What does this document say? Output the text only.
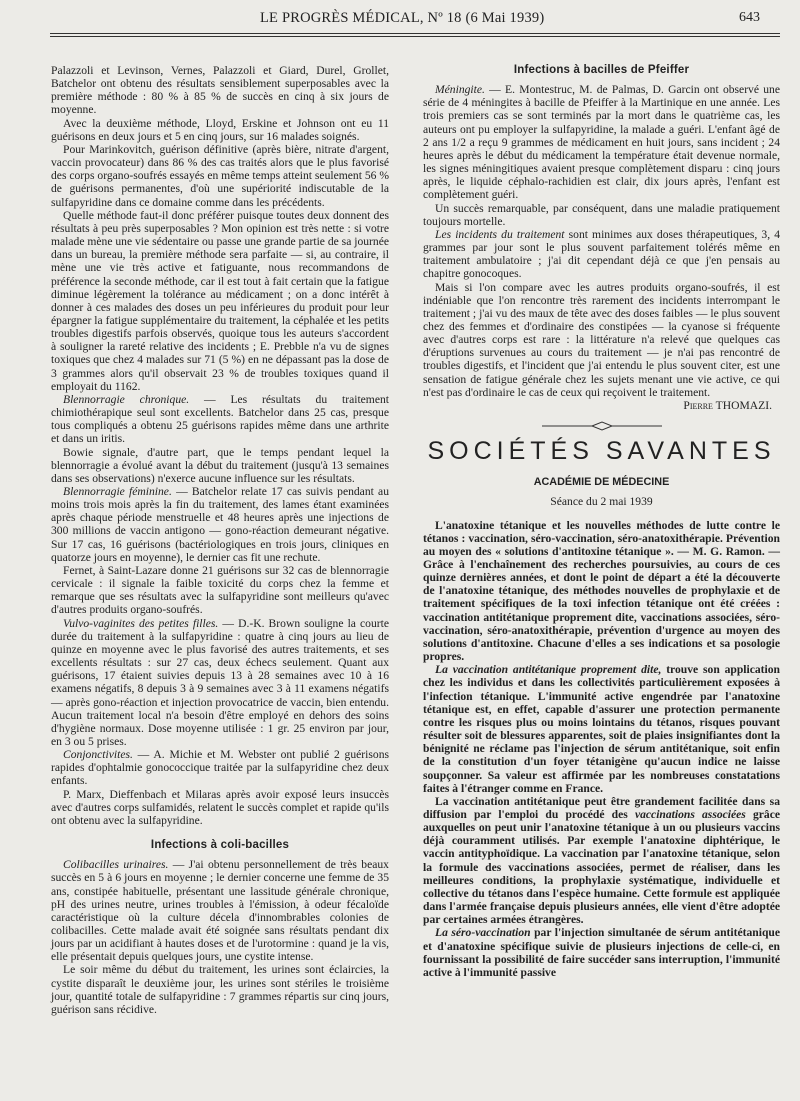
LE PROGRÈS MÉDICAL, Nº 18 (6 Mai 1939)	643

Palazzoli et Levinson, Vernes, Palazzoli et Giard, Durel, Grollet, Batchelor ont obtenu des résultats sensiblement superposables avec la première méthode : 80 % à 85 % de succès en cinq à six jours de moyenne.

Avec la deuxième méthode, Lloyd, Erskine et Johnson ont eu 11 guérisons en deux jours et 5 en cinq jours, sur 16 malades soignés.

Pour Marinkovitch, guérison définitive (après bière, nitrate d'argent, vaccin provocateur) dans 86 % des cas traités alors que le plus favorisé des corps organo-soufrés essayés en même temps atteint seulement 56 % de guérisons permanentes, d'où une supériorité indiscutable de la sulfapyridine dans ce domaine comme dans les précédents.

Quelle méthode faut-il donc préférer puisque toutes deux donnent des résultats à peu près superposables ? Mon opinion est très nette : si votre malade mène une vie sédentaire ou passe une grande partie de sa journée dans un bureau, la première méthode sera parfaite — si, au contraire, il mène une vie très active et fatiguante, nous recommandons de préférence la seconde méthode, car il est tout à fait certain que la fatigue diminue légèrement la tolérance au médicament ; on a donc intérêt à donner à ces malades des doses un peu inférieures du produit pour leur épargner la fatigue supplémentaire du traitement, la céphalée et les petits troubles digestifs parfois observés, quoique tous les auteurs s'accordent à souligner la rareté relative des incidents ; E. Prebble n'a vu de signes toxiques que chez 4 malades sur 71 (5 %) en ne dépassant pas la dose de 3 grammes alors qu'il observait 23 % de troubles toxiques quand il employait du 1162.

Blennorragie chronique. — Les résultats du traitement chimiothérapique seul sont excellents. Batchelor dans 25 cas, presque tous compliqués a obtenu 25 guérisons rapides même dans une arthrite et dans un iritis.

Bowie signale, d'autre part, que le temps pendant lequel la blennorragie a évolué avant la début du traitement (jusqu'à 13 semaines dans ses observations) n'exerce aucune influence sur les résultats.

Blennorragie féminine. — Batchelor relate 17 cas suivis pendant au moins trois mois après la fin du traitement, des lames étant examinées après chaque période menstruelle et 48 heures après une injections de 300 millions de vaccin antigono — gono-réaction demeurant négative. Sur 17 cas, 16 guérisons (bactériologiques en trois jours, cliniques en quatorze jours en moyenne), le dernier cas fit une rechute.

Fernet, à Saint-Lazare donne 21 guérisons sur 32 cas de blennorragie cervicale : il signale la faible toxicité du corps chez la femme et remarque que ses résultats avec la sulfapyridine sont meilleurs qu'avec d'autres produits organo-soufrés.

Vulvo-vaginites des petites filles. — D.-K. Brown souligne la courte durée du traitement à la sulfapyridine : quatre à cinq jours au lieu de quinze en moyenne avec le plus favorisé des autres traitements, et ses excellents résultats : sur 27 cas, deux échecs seulement. Quant aux guérisons, 17 étaient suivies depuis 13 à 28 semaines avec 10 à 16 examens négatifs, 8 depuis 3 à 9 semaines avec 3 à 11 examens négatifs — après gono-réaction et injection provocatrice de vaccin, bien entendu. Aucun traitement local n'a besoin d'être employé en dehors des soins d'hygiène normaux. Dose moyenne utilisée : 1 gr. 25 environ par jour, en 3 ou 5 prises.

Conjonctivites. — A. Michie et M. Webster ont publié 2 guérisons rapides d'ophtalmie gonococcique traitée par la sulfapyridine chez deux enfants.

P. Marx, Dieffenbach et Milaras après avoir exposé leurs insuccès avec d'autres corps sulfamidés, relatent le succès complet et rapide qu'ils ont obtenu avec la sulfapyridine.

Infections à coli-bacilles

Colibacilles urinaires. — J'ai obtenu personnellement de très beaux succès en 5 à 6 jours en moyenne ; le dernier concerne une femme de 35 ans, constipée habituelle, présentant une lassitude générale chronique, pH des urines neutre, urines troubles à l'émission, à odeur fécaloïde caractéristique où la culture décela d'innombrables colonies de colibacilles. Cette malade avait été soignée sans résultats pendant dix jours par un acidifiant à hautes doses et de l'urotormine : quand je la vis, elle présentait depuis quelques jours, une cystite intense.

Le soir même du début du traitement, les urines sont éclaircies, la cystite disparaît le deuxième jour, les urines sont stériles le troisième jour, quantité totale de sulfapyridine : 7 grammes répartis sur cinq jours, guérison sans récidive.

Infections à bacilles de Pfeiffer

Méningite. — E. Montestruc, M. de Palmas, D. Garcin ont observé une série de 4 méningites à bacille de Pfeiffer à la Martinique en une année. Les trois premiers cas se sont terminés par la mort dans le quatrième cas, les auteurs ont pu employer la sulfapyridine, la malade a guéri. L'enfant âgé de 2 ans 1/2 a reçu 9 grammes de médicament en huit jours, sans incident ; 24 heures après le début du médicament la température était devenue normale, les signes méningitiques avaient presque complètement disparu : cinq jours après, le liquide céphalo-rachidien est clair, dix jours après, l'enfant est complètement guéri.

Un succès remarquable, par conséquent, dans une maladie pratiquement toujours mortelle.

Les incidents du traitement sont minimes aux doses thérapeutiques, 3, 4 grammes par jour sont le plus souvent parfaitement tolérés même en traitement ambulatoire ; j'ai dit cependant déjà ce que j'en pensais au chapitre gonocoques.

Mais si l'on compare avec les autres produits organo-soufrés, il est indéniable que l'on rencontre très rarement des incidents interrompant le traitement ; j'ai vu des maux de tête avec des doses faibles — le plus souvent chez des femmes et d'ordinaire des constipées — la cyanose si fréquente avec d'autres corps est rare : la littérature n'a relevé que quelques cas d'éruptions survenues au cours du traitement — je n'ai pas rencontré de troubles digestifs, et l'incident que j'ai entendu le plus souvent citer, est une sensation de fatigue générale chez les sujets menant une vie active, ce qui n'est pas d'ordinaire le cas de ceux qui reçoivent le traitement.

Pierre THOMAZI.

SOCIÉTÉS SAVANTES
ACADÉMIE DE MÉDECINE

Séance du 2 mai 1939

L'anatoxine tétanique et les nouvelles méthodes de lutte contre le tétanos : vaccination, séro-vaccination, séro-anatoxithérapie. Prévention au moyen des « solutions d'antitoxine tétanique ». — M. G. Ramon. — Grâce à l'enchaînement des recherches poursuivies, au cours de ces quinze dernières années, et dont le point de départ a été la découverte de l'anatoxine tétanique, des méthodes nouvelles de prophylaxie et de traitement spécifiques de la toxi infection tétanique ont été créées : vaccination antitétanique proprement dite, vaccinations associées, séro-vaccination, séro-anatoxithérapie, prévention d'urgence au moyen des solutions d'antitoxine. Chacune d'elles a ses indications et sa posologie propres.

La vaccination antitétanique proprement dite, trouve son application chez les individus et dans les collectivités particulièrement exposées à l'infection tétanique. L'immunité active engendrée par l'anatoxine tétanique est, en effet, capable d'assurer une protection permanente contre les risques plus ou moins lointains du tétanos, risques pouvant résulter soit de blessures apparentes, soit de plaies insignifiantes dont la bénignité ne réclame pas l'injection de sérum antitétanique, soit enfin de la constitution d'un foyer tétanigène qu'aucun indice ne laisse soupçonner. Sa valeur est affirmée par les nombreuses constatations faites à l'étranger comme en France.

La vaccination antitétanique peut être grandement facilitée dans sa diffusion par l'emploi du procédé des vaccinations associées grâce auxquelles on peut unir l'anatoxine tétanique à un ou plusieurs vaccins déjà couramment utilisés. Par exemple l'anatoxine diphtérique, le vaccin antityphoïdique. La vaccination par l'anatoxine tétanique, selon la formule des vaccinations associées, permet de réaliser, dans les meilleures conditions, la prophylaxie systématique, individuelle et collective du tétanos dans l'espèce humaine. Cette formule est appliquée dans l'armée française depuis plusieurs années, elle vient d'être adoptée par certaines armées étrangères.

La séro-vaccination par l'injection simultanée de sérum antitétanique et d'anatoxine spécifique suivie de plusieurs injections de celle-ci, en fournissant la possibilité de faire succéder sans interruption, l'immunité active à l'immunité passive
